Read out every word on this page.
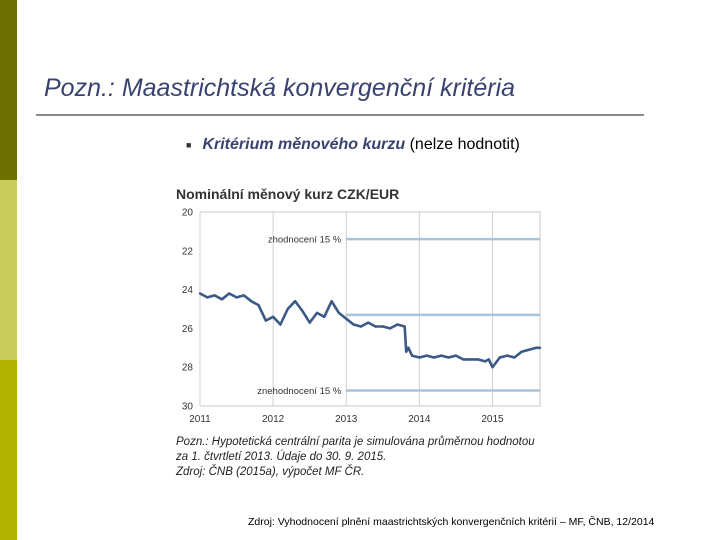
Pozn.: Maastrichtská konvergenční kritéria
■ Kritérium měnového kurzu (nelze hodnotit)
Nominální měnový kurz CZK/EUR
2011	2012	2013	2014	2015
20
22
24
26
28
30
zhodnocení 15 %
znehodnocení 15 %
Pozn.: Hypotetická centrální parita je simulována průměrnou hodnotou
za 1. čtvrtletí 2013. Údaje do 30. 9. 2015.
Zdroj: ČNB (2015a), výpočet MF ČR.
Zdroj: Vyhodnocení plnění maastrichtských konvergenčních kritérií – MF, ČNB, 12/2014
